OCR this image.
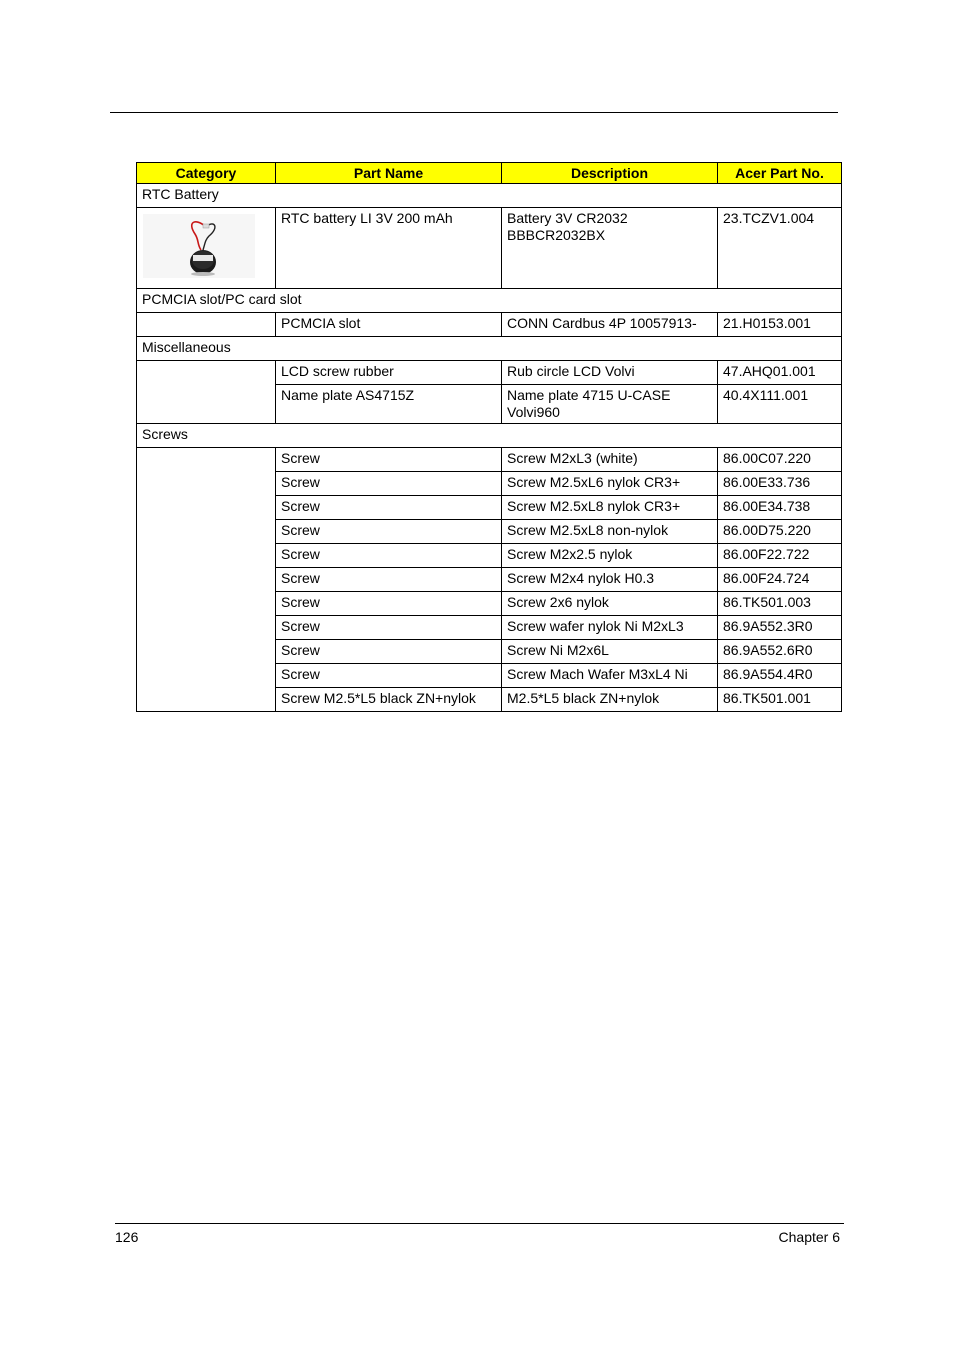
Category	Part Name	Description	Acer Part No.
RTC Battery			
	RTC battery LI 3V 200 mAh	Battery 3V CR2032 BBBCR2032BX	23.TCZV1.004
PCMCIA slot/PC card slot			
	PCMCIA slot	CONN Cardbus 4P 10057913-	21.H0153.001
Miscellaneous			
	LCD screw rubber	Rub circle LCD Volvi	47.AHQ01.001
	Name plate AS4715Z	Name plate 4715 U-CASE Volvi960	40.4X111.001
Screws			
	Screw	Screw M2xL3 (white)	86.00C07.220
	Screw	Screw M2.5xL6 nylok CR3+	86.00E33.736
	Screw	Screw M2.5xL8 nylok CR3+	86.00E34.738
	Screw	Screw M2.5xL8 non-nylok	86.00D75.220
	Screw	Screw M2x2.5 nylok	86.00F22.722
	Screw	Screw M2x4 nylok H0.3	86.00F24.724
	Screw	Screw 2x6 nylok	86.TK501.003
	Screw	Screw wafer nylok Ni M2xL3	86.9A552.3R0
	Screw	Screw Ni M2x6L	86.9A552.6R0
	Screw	Screw Mach Wafer M3xL4 Ni	86.9A554.4R0
	Screw M2.5*L5 black ZN+nylok	M2.5*L5 black ZN+nylok	86.TK501.001
126	Chapter 6
